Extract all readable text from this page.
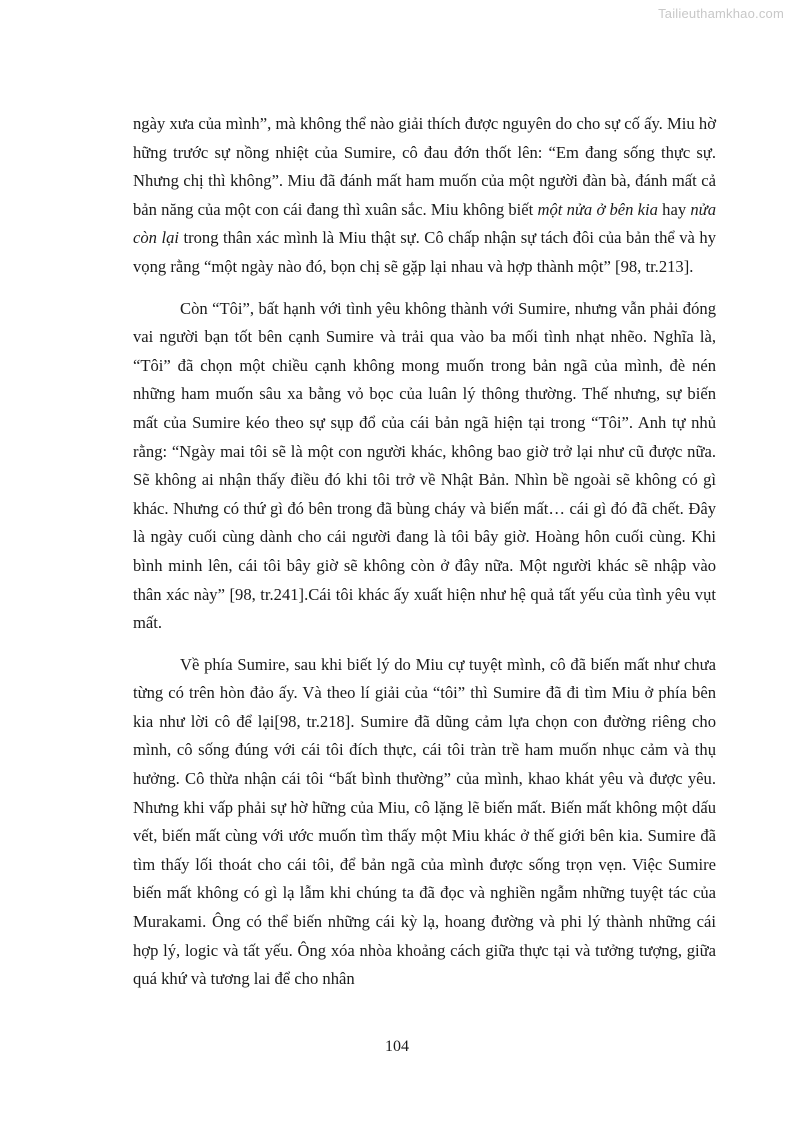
Tailieuthamkhao.com

ngày xưa của mình”, mà không thể nào giải thích được nguyên do cho sự cố ấy. Miu hờ hững trước sự nồng nhiệt của Sumire, cô đau đớn thốt lên: “Em đang sống thực sự. Nhưng chị thì không”. Miu đã đánh mất ham muốn của một người đàn bà, đánh mất cả bản năng của một con cái đang thì xuân sắc. Miu không biết một nửa ở bên kia hay nửa còn lại trong thân xác mình là Miu thật sự. Cô chấp nhận sự tách đôi của bản thể và hy vọng rằng “một ngày nào đó, bọn chị sẽ gặp lại nhau và hợp thành một” [98, tr.213].

Còn “Tôi”, bất hạnh với tình yêu không thành với Sumire, nhưng vẫn phải đóng vai người bạn tốt bên cạnh Sumire và trải qua vào ba mối tình nhạt nhẽo. Nghĩa là, “Tôi” đã chọn một chiều cạnh không mong muốn trong bản ngã của mình, đè nén những ham muốn sâu xa bằng vỏ bọc của luân lý thông thường. Thế nhưng, sự biến mất của Sumire kéo theo sự sụp đổ của cái bản ngã hiện tại trong “Tôi”. Anh tự nhủ rằng: “Ngày mai tôi sẽ là một con người khác, không bao giờ trở lại như cũ được nữa. Sẽ không ai nhận thấy điều đó khi tôi trở về Nhật Bản. Nhìn bề ngoài sẽ không có gì khác. Nhưng có thứ gì đó bên trong đã bùng cháy và biến mất… cái gì đó đã chết. Đây là ngày cuối cùng dành cho cái người đang là tôi bây giờ. Hoàng hôn cuối cùng. Khi bình minh lên, cái tôi bây giờ sẽ không còn ở đây nữa. Một người khác sẽ nhập vào thân xác này” [98, tr.241].Cái tôi khác ấy xuất hiện như hệ quả tất yếu của tình yêu vụt mất.

Về phía Sumire, sau khi biết lý do Miu cự tuyệt mình, cô đã biến mất như chưa từng có trên hòn đảo ấy. Và theo lí giải của “tôi” thì Sumire đã đi tìm Miu ở phía bên kia như lời cô để lại[98, tr.218]. Sumire đã dũng cảm lựa chọn con đường riêng cho mình, cô sống đúng với cái tôi đích thực, cái tôi tràn trề ham muốn nhục cảm và thụ hưởng. Cô thừa nhận cái tôi “bất bình thường” của mình, khao khát yêu và được yêu. Nhưng khi vấp phải sự hờ hững của Miu, cô lặng lẽ biến mất. Biến mất không một dấu vết, biến mất cùng với ước muốn tìm thấy một Miu khác ở thế giới bên kia. Sumire đã tìm thấy lối thoát cho cái tôi, để bản ngã của mình được sống trọn vẹn. Việc Sumire biến mất không có gì lạ lẫm khi chúng ta đã đọc và nghiền ngẫm những tuyệt tác của Murakami. Ông có thể biến những cái kỳ lạ, hoang đường và phi lý thành những cái hợp lý, logic và tất yếu. Ông xóa nhòa khoảng cách giữa thực tại và tưởng tượng, giữa quá khứ và tương lai để cho nhân

104
